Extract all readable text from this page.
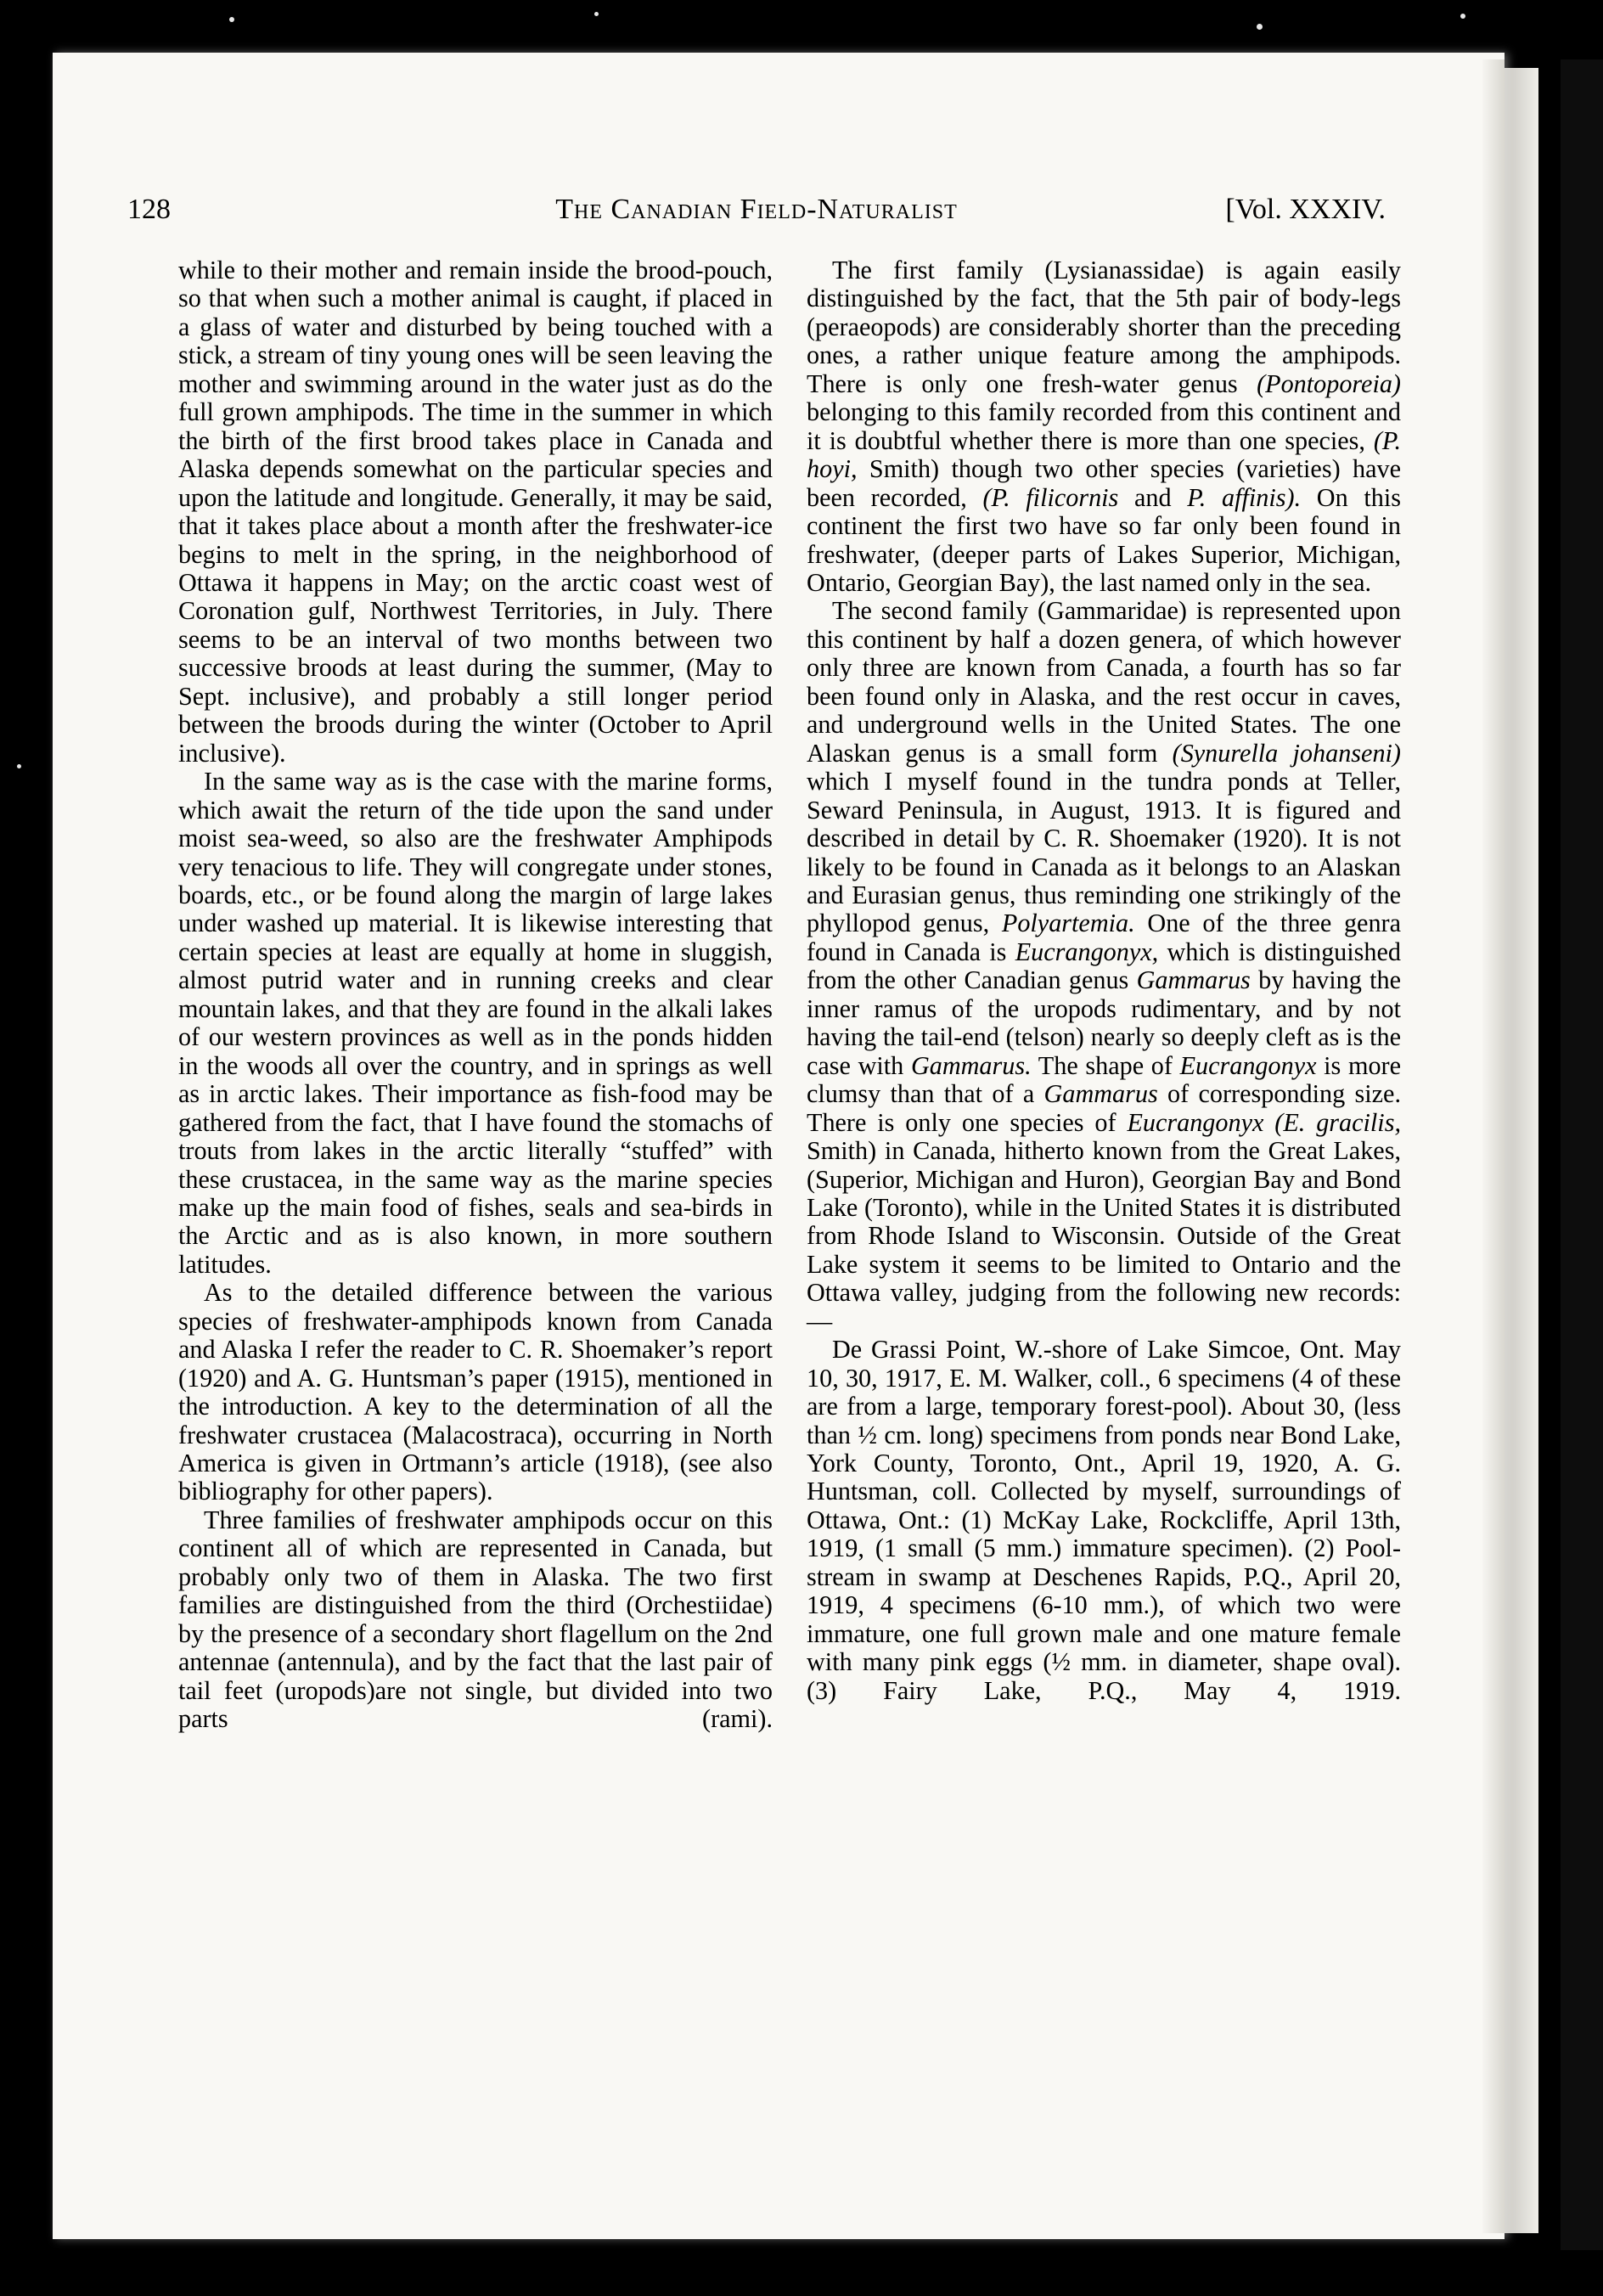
128	The Canadian Field-Naturalist	[Vol. XXXIV.

while to their mother and remain inside the brood-pouch, so that when such a mother animal is caught, if placed in a glass of water and disturbed by being touched with a stick, a stream of tiny young ones will be seen leaving the mother and swimming around in the water just as do the full grown amphipods. The time in the summer in which the birth of the first brood takes place in Canada and Alaska depends somewhat on the particular species and upon the latitude and longitude. Generally, it may be said, that it takes place about a month after the freshwater-ice begins to melt in the spring, in the neighborhood of Ottawa it happens in May; on the arctic coast west of Coronation gulf, Northwest Territories, in July. There seems to be an interval of two months between two successive broods at least during the summer, (May to Sept. inclusive), and probably a still longer period between the broods during the winter (October to April inclusive).

In the same way as is the case with the marine forms, which await the return of the tide upon the sand under moist sea-weed, so also are the freshwater Amphipods very tenacious to life. They will congregate under stones, boards, etc., or be found along the margin of large lakes under washed up material. It is likewise interesting that certain species at least are equally at home in sluggish, almost putrid water and in running creeks and clear mountain lakes, and that they are found in the alkali lakes of our western provinces as well as in the ponds hidden in the woods all over the country, and in springs as well as in arctic lakes. Their importance as fish-food may be gathered from the fact, that I have found the stomachs of trouts from lakes in the arctic literally “stuffed” with these crustacea, in the same way as the marine species make up the main food of fishes, seals and sea-birds in the Arctic and as is also known, in more southern latitudes.

As to the detailed difference between the various species of freshwater-amphipods known from Canada and Alaska I refer the reader to C. R. Shoemaker’s report (1920) and A. G. Huntsman’s paper (1915), mentioned in the introduction. A key to the determination of all the freshwater crustacea (Malacostraca), occurring in North America is given in Ortmann’s article (1918), (see also bibliography for other papers).

Three families of freshwater amphipods occur on this continent all of which are represented in Canada, but probably only two of them in Alaska. The two first families are distinguished from the third (Orchestiidae) by the presence of a secondary short flagellum on the 2nd antennae (antennula), and by the fact that the last pair of tail feet (uropods)are not single, but divided into two parts (rami).

The first family (Lysianassidae) is again easily distinguished by the fact, that the 5th pair of body-legs (peraeopods) are considerably shorter than the preceding ones, a rather unique feature among the amphipods. There is only one fresh-water genus (Pontoporeia) belonging to this family recorded from this continent and it is doubtful whether there is more than one species, (P. hoyi, Smith) though two other species (varieties) have been recorded, (P. filicornis and P. affinis). On this continent the first two have so far only been found in freshwater, (deeper parts of Lakes Superior, Michigan, Ontario, Georgian Bay), the last named only in the sea.

The second family (Gammaridae) is represented upon this continent by half a dozen genera, of which however only three are known from Canada, a fourth has so far been found only in Alaska, and the rest occur in caves, and underground wells in the United States. The one Alaskan genus is a small form (Synurella johanseni) which I myself found in the tundra ponds at Teller, Seward Peninsula, in August, 1913. It is figured and described in detail by C. R. Shoemaker (1920). It is not likely to be found in Canada as it belongs to an Alaskan and Eurasian genus, thus reminding one strikingly of the phyllopod genus, Polyartemia. One of the three genra found in Canada is Eucrangonyx, which is distinguished from the other Canadian genus Gammarus by having the inner ramus of the uropods rudimentary, and by not having the tail-end (telson) nearly so deeply cleft as is the case with Gammarus. The shape of Eucrangonyx is more clumsy than that of a Gammarus of corresponding size. There is only one species of Eucrangonyx (E. gracilis, Smith) in Canada, hitherto known from the Great Lakes, (Superior, Michigan and Huron), Georgian Bay and Bond Lake (Toronto), while in the United States it is distributed from Rhode Island to Wisconsin. Outside of the Great Lake system it seems to be limited to Ontario and the Ottawa valley, judging from the following new records:—

De Grassi Point, W.-shore of Lake Simcoe, Ont. May 10, 30, 1917, E. M. Walker, coll., 6 specimens (4 of these are from a large, temporary forest-pool). About 30, (less than ½ cm. long) specimens from ponds near Bond Lake, York County, Toronto, Ont., April 19, 1920, A. G. Huntsman, coll. Collected by myself, surroundings of Ottawa, Ont.: (1) McKay Lake, Rockcliffe, April 13th, 1919, (1 small (5 mm.) immature specimen). (2) Pool-stream in swamp at Deschenes Rapids, P.Q., April 20, 1919, 4 specimens (6-10 mm.), of which two were immature, one full grown male and one mature female with many pink eggs (½ mm. in diameter, shape oval). (3) Fairy Lake, P.Q., May 4, 1919.
